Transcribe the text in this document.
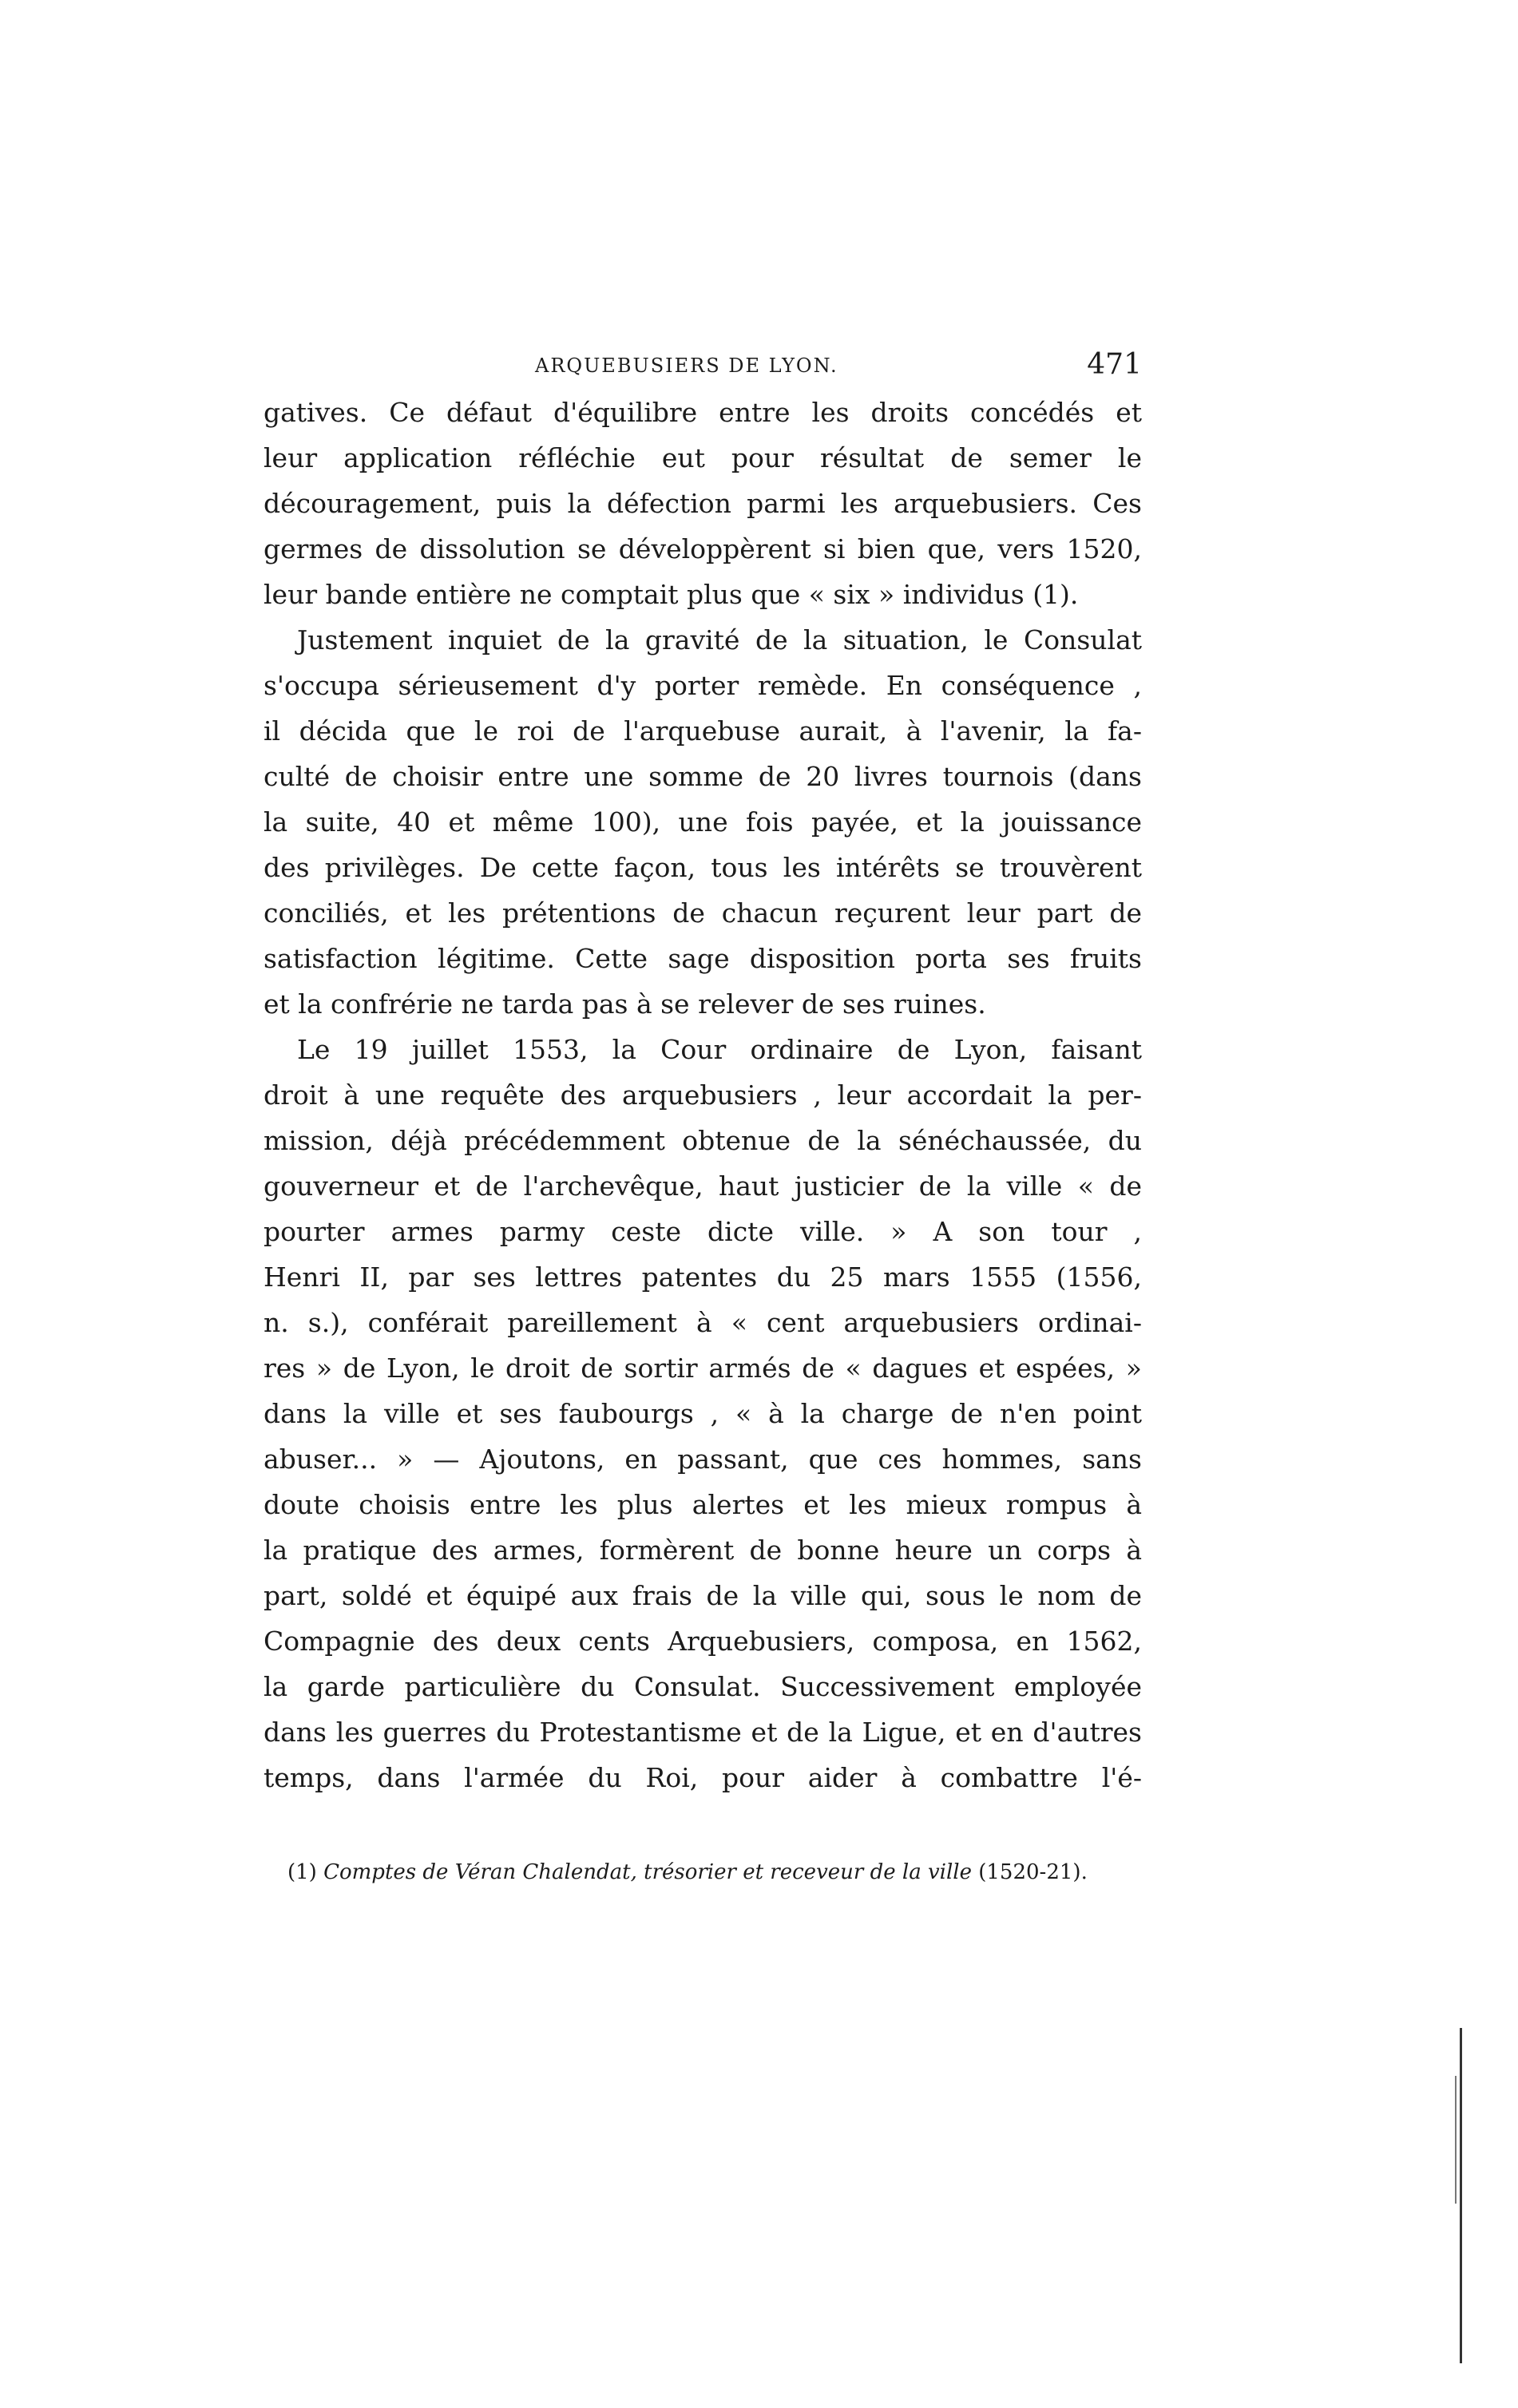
ARQUEBUSIERS DE LYON.	471
gatives. Ce défaut d'équilibre entre les droits concédés et
leur application réfléchie eut pour résultat de semer le
découragement, puis la défection parmi les arquebusiers. Ces
germes de dissolution se développèrent si bien que, vers 1520,
leur bande entière ne comptait plus que « six » individus (1).
Justement inquiet de la gravité de la situation, le Consulat
s'occupa sérieusement d'y porter remède. En conséquence ,
il décida que le roi de l'arquebuse aurait, à l'avenir, la fa-
culté de choisir entre une somme de 20 livres tournois (dans
la suite, 40 et même 100), une fois payée, et la jouissance
des privilèges. De cette façon, tous les intérêts se trouvèrent
conciliés, et les prétentions de chacun reçurent leur part de
satisfaction légitime. Cette sage disposition porta ses fruits
et la confrérie ne tarda pas à se relever de ses ruines.
Le 19 juillet 1553, la Cour ordinaire de Lyon, faisant
droit à une requête des arquebusiers , leur accordait la per-
mission, déjà précédemment obtenue de la sénéchaussée, du
gouverneur et de l'archevêque, haut justicier de la ville « de
pourter armes parmy ceste dicte ville. » A son tour ,
Henri II, par ses lettres patentes du 25 mars 1555 (1556,
n. s.), conférait pareillement à « cent arquebusiers ordinai-
res » de Lyon, le droit de sortir armés de « dagues et espées, »
dans la ville et ses faubourgs , « à la charge de n'en point
abuser... » — Ajoutons, en passant, que ces hommes, sans
doute choisis entre les plus alertes et les mieux rompus à
la pratique des armes, formèrent de bonne heure un corps à
part, soldé et équipé aux frais de la ville qui, sous le nom de
Compagnie des deux cents Arquebusiers, composa, en 1562,
la garde particulière du Consulat. Successivement employée
dans les guerres du Protestantisme et de la Ligue, et en d'autres
temps, dans l'armée du Roi, pour aider à combattre l'é-
(1) Comptes de Véran Chalendat, trésorier et receveur de la ville (1520-21).
